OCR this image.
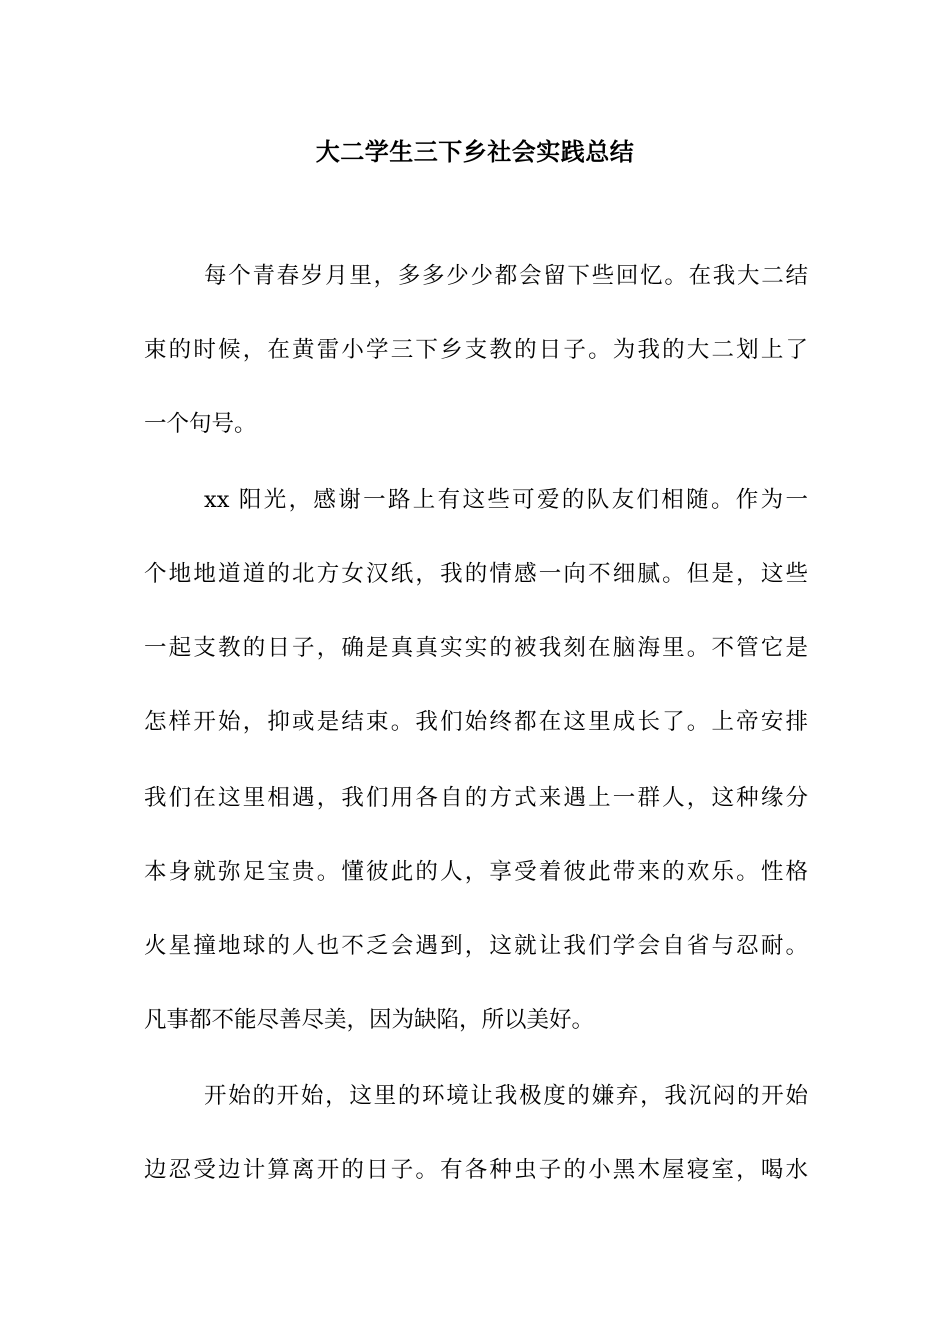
大二学生三下乡社会实践总结
每个青春岁月里，多多少少都会留下些回忆。在我大二结
束的时候，在黄雷小学三下乡支教的日子。为我的大二划上了
一个句号。
xx 阳光，感谢一路上有这些可爱的队友们相随。作为一
个地地道道的北方女汉纸，我的情感一向不细腻。但是，这些
一起支教的日子，确是真真实实的被我刻在脑海里。不管它是
怎样开始，抑或是结束。我们始终都在这里成长了。上帝安排
我们在这里相遇，我们用各自的方式来遇上一群人，这种缘分
本身就弥足宝贵。懂彼此的人，享受着彼此带来的欢乐。性格
火星撞地球的人也不乏会遇到，这就让我们学会自省与忍耐。
凡事都不能尽善尽美，因为缺陷，所以美好。
开始的开始，这里的环境让我极度的嫌弃，我沉闷的开始
边忍受边计算离开的日子。有各种虫子的小黑木屋寝室，喝水
